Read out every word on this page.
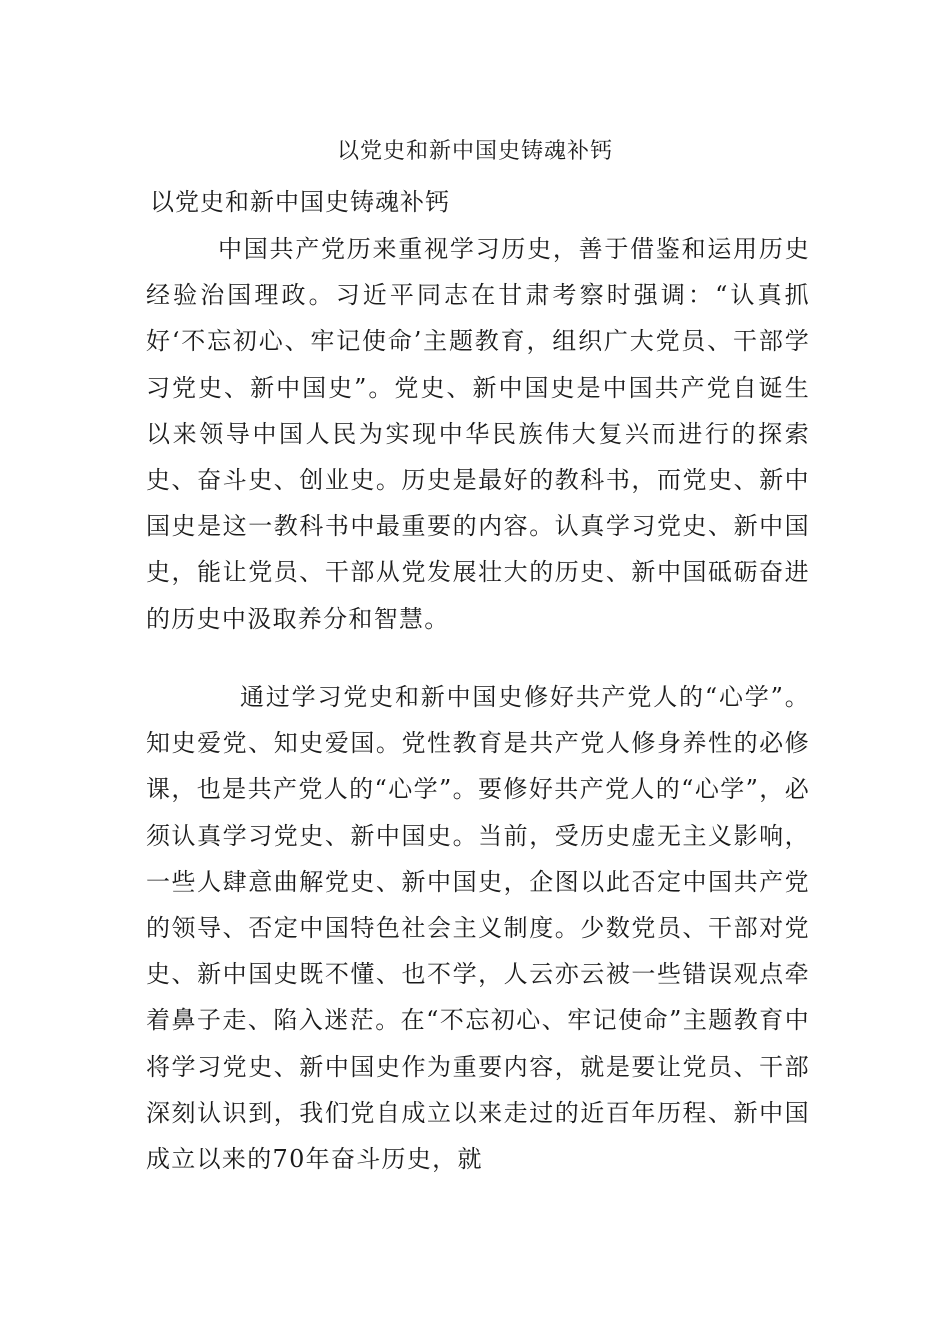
以党史和新中国史铸魂补钙
以党史和新中国史铸魂补钙

中国共产党历来重视学习历史，善于借鉴和运用历史经验治国理政。习近平同志在甘肃考察时强调：“认真抓好‘不忘初心、牢记使命’主题教育，组织广大党员、干部学习党史、新中国史”。党史、新中国史是中国共产党自诞生以来领导中国人民为实现中华民族伟大复兴而进行的探索史、奋斗史、创业史。历史是最好的教科书，而党史、新中国史是这一教科书中最重要的内容。认真学习党史、新中国史，能让党员、干部从党发展壮大的历史、新中国砥砺奋进的历史中汲取养分和智慧。

通过学习党史和新中国史修好共产党人的“心学”。知史爱党、知史爱国。党性教育是共产党人修身养性的必修课，也是共产党人的“心学”。要修好共产党人的“心学”，必须认真学习党史、新中国史。当前，受历史虚无主义影响，一些人肆意曲解党史、新中国史，企图以此否定中国共产党的领导、否定中国特色社会主义制度。少数党员、干部对党史、新中国史既不懂、也不学，人云亦云被一些错误观点牵着鼻子走、陷入迷茫。在“不忘初心、牢记使命”主题教育中将学习党史、新中国史作为重要内容，就是要让党员、干部深刻认识到，我们党自成立以来走过的近百年历程、新中国成立以来的70年奋斗历史，就
